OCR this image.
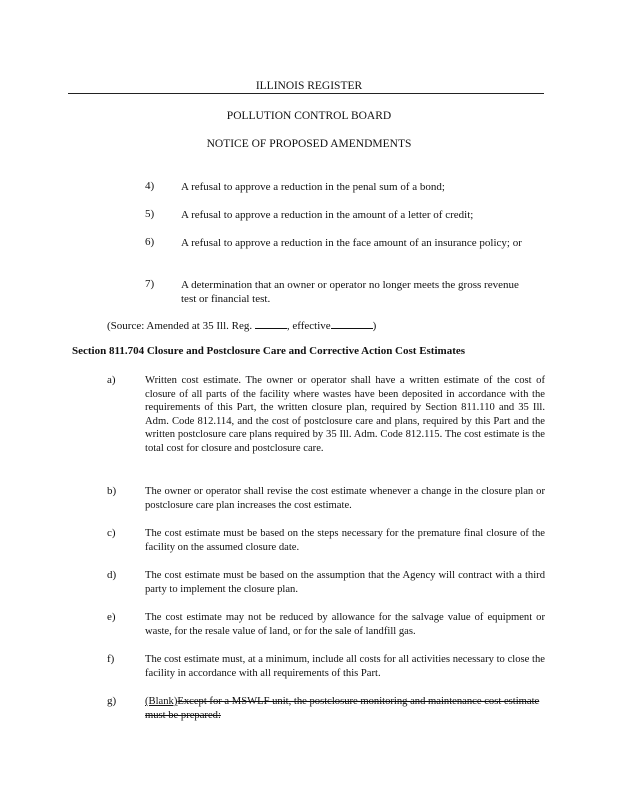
ILLINOIS REGISTER
POLLUTION CONTROL BOARD
NOTICE OF PROPOSED AMENDMENTS
4) A refusal to approve a reduction in the penal sum of a bond;
5) A refusal to approve a reduction in the amount of a letter of credit;
6) A refusal to approve a reduction in the face amount of an insurance policy; or
7) A determination that an owner or operator no longer meets the gross revenue test or financial test.
(Source: Amended at 35 Ill. Reg.	, effective	)
Section 811.704 Closure and Postclosure Care and Corrective Action Cost Estimates
a)	Written cost estimate. The owner or operator shall have a written estimate of the cost of closure of all parts of the facility where wastes have been deposited in accordance with the requirements of this Part, the written closure plan, required by Section 811.110 and 35 Ill. Adm. Code 812.114, and the cost of postclosure care and plans, required by this Part and the written postclosure care plans required by 35 Ill. Adm. Code 812.115. The cost estimate is the total cost for closure and postclosure care.
b)	The owner or operator shall revise the cost estimate whenever a change in the closure plan or postclosure care plan increases the cost estimate.
c)	The cost estimate must be based on the steps necessary for the premature final closure of the facility on the assumed closure date.
d)	The cost estimate must be based on the assumption that the Agency will contract with a third party to implement the closure plan.
e)	The cost estimate may not be reduced by allowance for the salvage value of equipment or waste, for the resale value of land, or for the sale of landfill gas.
f)	The cost estimate must, at a minimum, include all costs for all activities necessary to close the facility in accordance with all requirements of this Part.
g)	(Blank)Except for a MSWLF unit, the postclosure monitoring and maintenance cost estimate must be prepared:
